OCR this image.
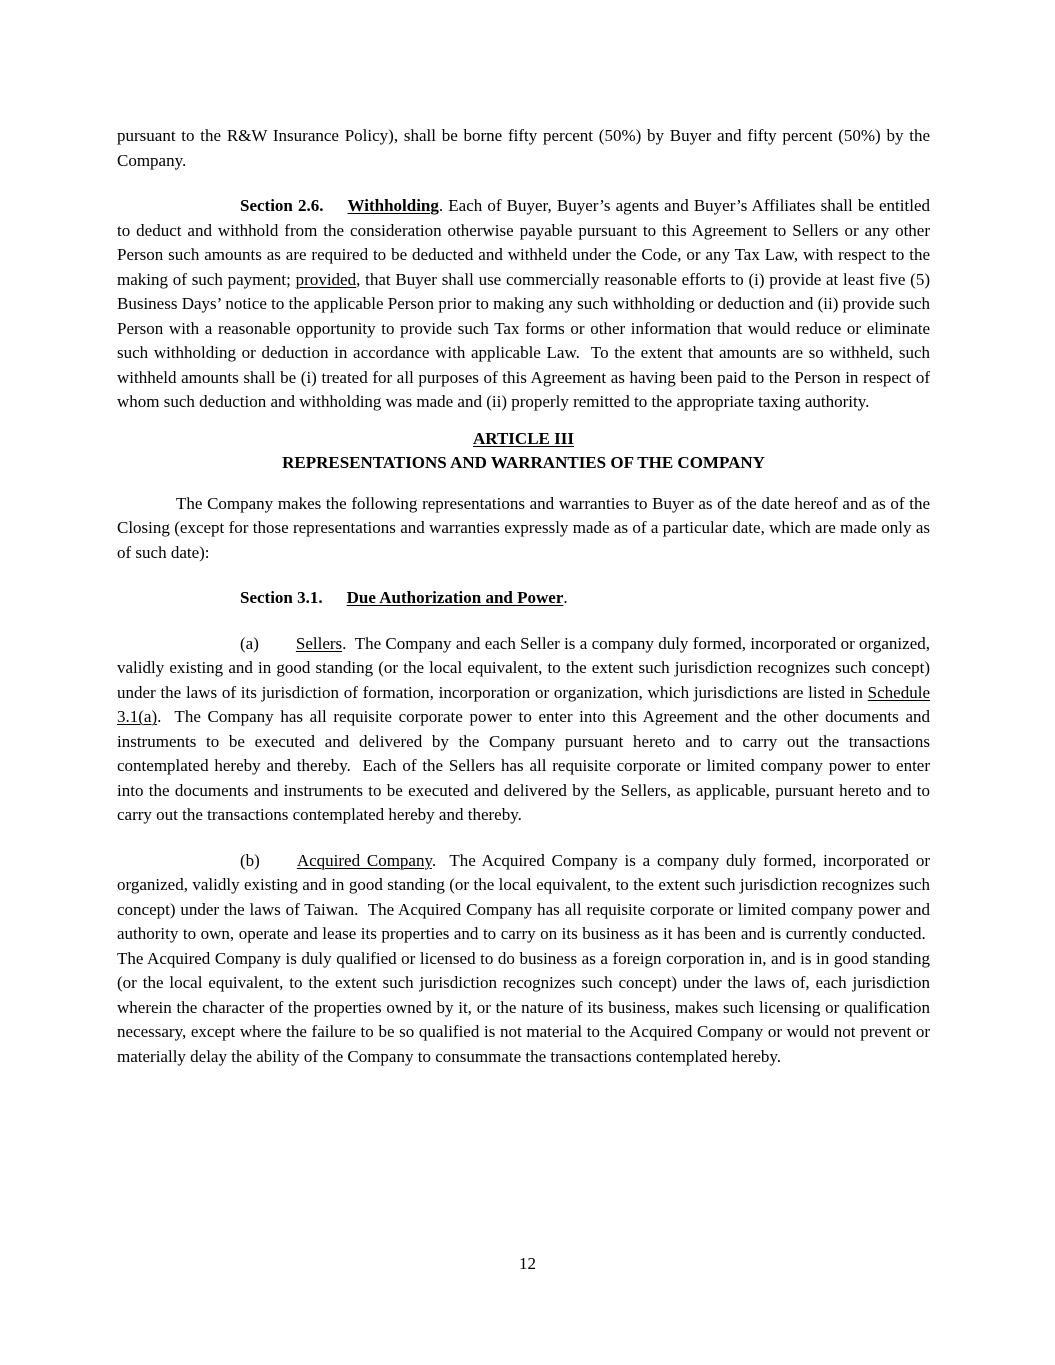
pursuant to the R&W Insurance Policy), shall be borne fifty percent (50%) by Buyer and fifty percent (50%) by the Company.

Section 2.6. Withholding. Each of Buyer, Buyer’s agents and Buyer’s Affiliates shall be entitled to deduct and withhold from the consideration otherwise payable pursuant to this Agreement to Sellers or any other Person such amounts as are required to be deducted and withheld under the Code, or any Tax Law, with respect to the making of such payment; provided, that Buyer shall use commercially reasonable efforts to (i) provide at least five (5) Business Days’ notice to the applicable Person prior to making any such withholding or deduction and (ii) provide such Person with a reasonable opportunity to provide such Tax forms or other information that would reduce or eliminate such withholding or deduction in accordance with applicable Law.  To the extent that amounts are so withheld, such withheld amounts shall be (i) treated for all purposes of this Agreement as having been paid to the Person in respect of whom such deduction and withholding was made and (ii) properly remitted to the appropriate taxing authority.

ARTICLE III
REPRESENTATIONS AND WARRANTIES OF THE COMPANY

The Company makes the following representations and warranties to Buyer as of the date hereof and as of the Closing (except for those representations and warranties expressly made as of a particular date, which are made only as of such date):

Section 3.1. Due Authorization and Power.

(a) Sellers.  The Company and each Seller is a company duly formed, incorporated or organized, validly existing and in good standing (or the local equivalent, to the extent such jurisdiction recognizes such concept) under the laws of its jurisdiction of formation, incorporation or organization, which jurisdictions are listed in Schedule 3.1(a).  The Company has all requisite corporate power to enter into this Agreement and the other documents and instruments to be executed and delivered by the Company pursuant hereto and to carry out the transactions contemplated hereby and thereby.  Each of the Sellers has all requisite corporate or limited company power to enter into the documents and instruments to be executed and delivered by the Sellers, as applicable, pursuant hereto and to carry out the transactions contemplated hereby and thereby.

(b) Acquired Company.  The Acquired Company is a company duly formed, incorporated or organized, validly existing and in good standing (or the local equivalent, to the extent such jurisdiction recognizes such concept) under the laws of Taiwan.  The Acquired Company has all requisite corporate or limited company power and authority to own, operate and lease its properties and to carry on its business as it has been and is currently conducted.  The Acquired Company is duly qualified or licensed to do business as a foreign corporation in, and is in good standing (or the local equivalent, to the extent such jurisdiction recognizes such concept) under the laws of, each jurisdiction wherein the character of the properties owned by it, or the nature of its business, makes such licensing or qualification necessary, except where the failure to be so qualified is not material to the Acquired Company or would not prevent or materially delay the ability of the Company to consummate the transactions contemplated hereby.

12
